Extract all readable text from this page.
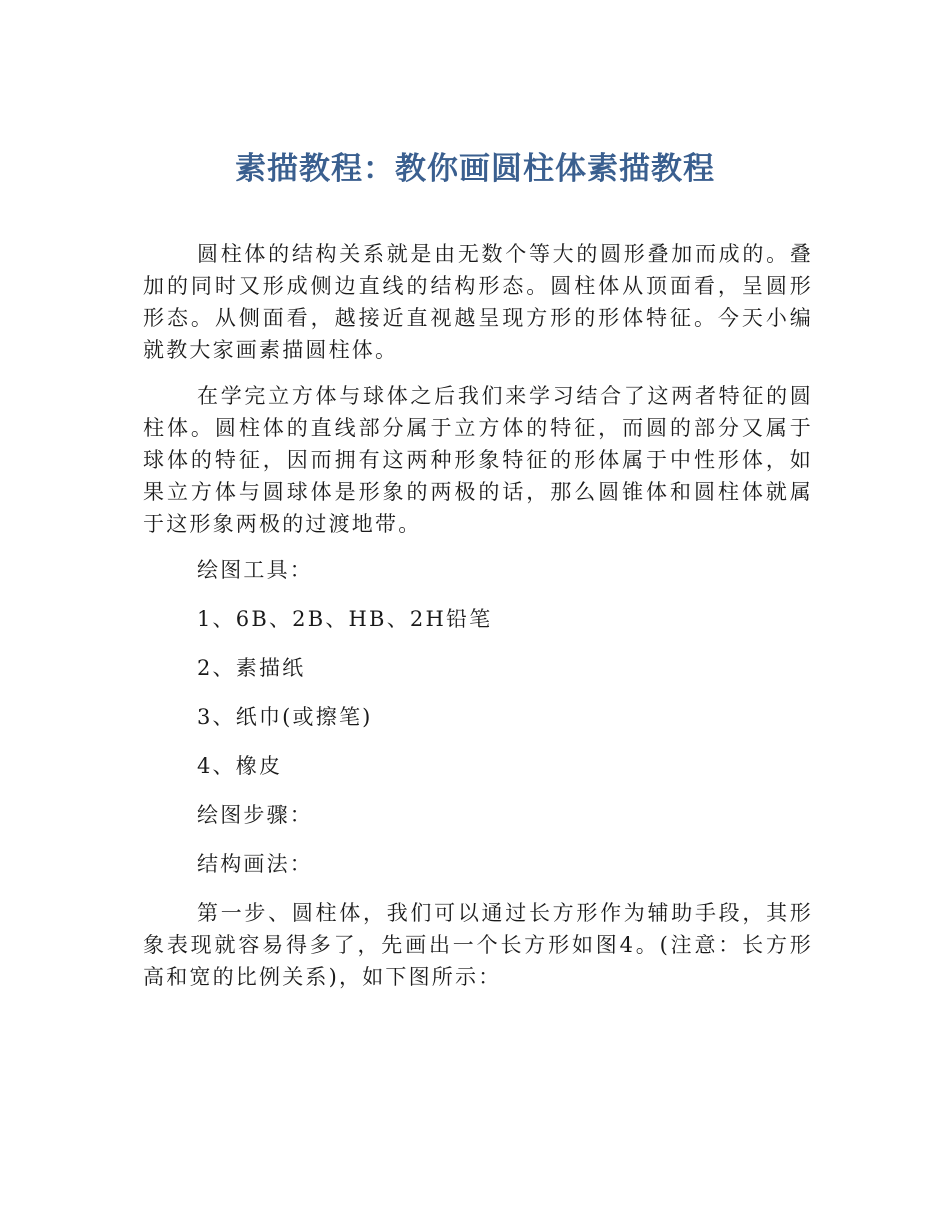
素描教程：教你画圆柱体素描教程

圆柱体的结构关系就是由无数个等大的圆形叠加而成的。叠加的同时又形成侧边直线的结构形态。圆柱体从顶面看，呈圆形形态。从侧面看，越接近直视越呈现方形的形体特征。今天小编就教大家画素描圆柱体。

在学完立方体与球体之后我们来学习结合了这两者特征的圆柱体。圆柱体的直线部分属于立方体的特征，而圆的部分又属于球体的特征，因而拥有这两种形象特征的形体属于中性形体，如果立方体与圆球体是形象的两极的话，那么圆锥体和圆柱体就属于这形象两极的过渡地带。

绘图工具：

1、6B、2B、HB、2H铅笔

2、素描纸

3、纸巾(或擦笔)

4、橡皮

绘图步骤：

结构画法：

第一步、圆柱体，我们可以通过长方形作为辅助手段，其形象表现就容易得多了，先画出一个长方形如图4。(注意：长方形高和宽的比例关系)，如下图所示：
